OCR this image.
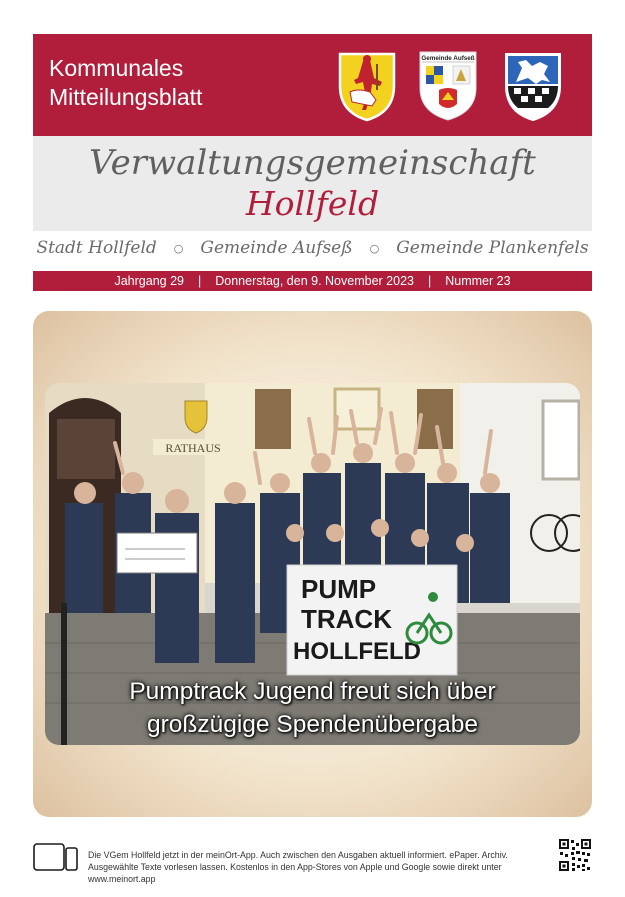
Kommunales
Mitteilungsblatt
Gemeinde Aufseß
Verwaltungsgemeinschaft
Hollfeld
Stadt Hollfeld ○ Gemeinde Aufseß ○ Gemeinde Plankenfels
Jahrgang 29 | Donnerstag, den 9. November 2023 | Nummer 23
RATHAUS
PUMP
TRACK
HOLLFELD
Pumptrack Jugend freut sich über
großzügige Spendenübergabe
Die VGem Hollfeld jetzt in der meinOrt-App. Auch zwischen den Ausgaben aktuell informiert. ePaper. Archiv.
Ausgewählte Texte vorlesen lassen. Kostenlos in den App-Stores von Apple und Google sowie direkt unter www.meinort.app
